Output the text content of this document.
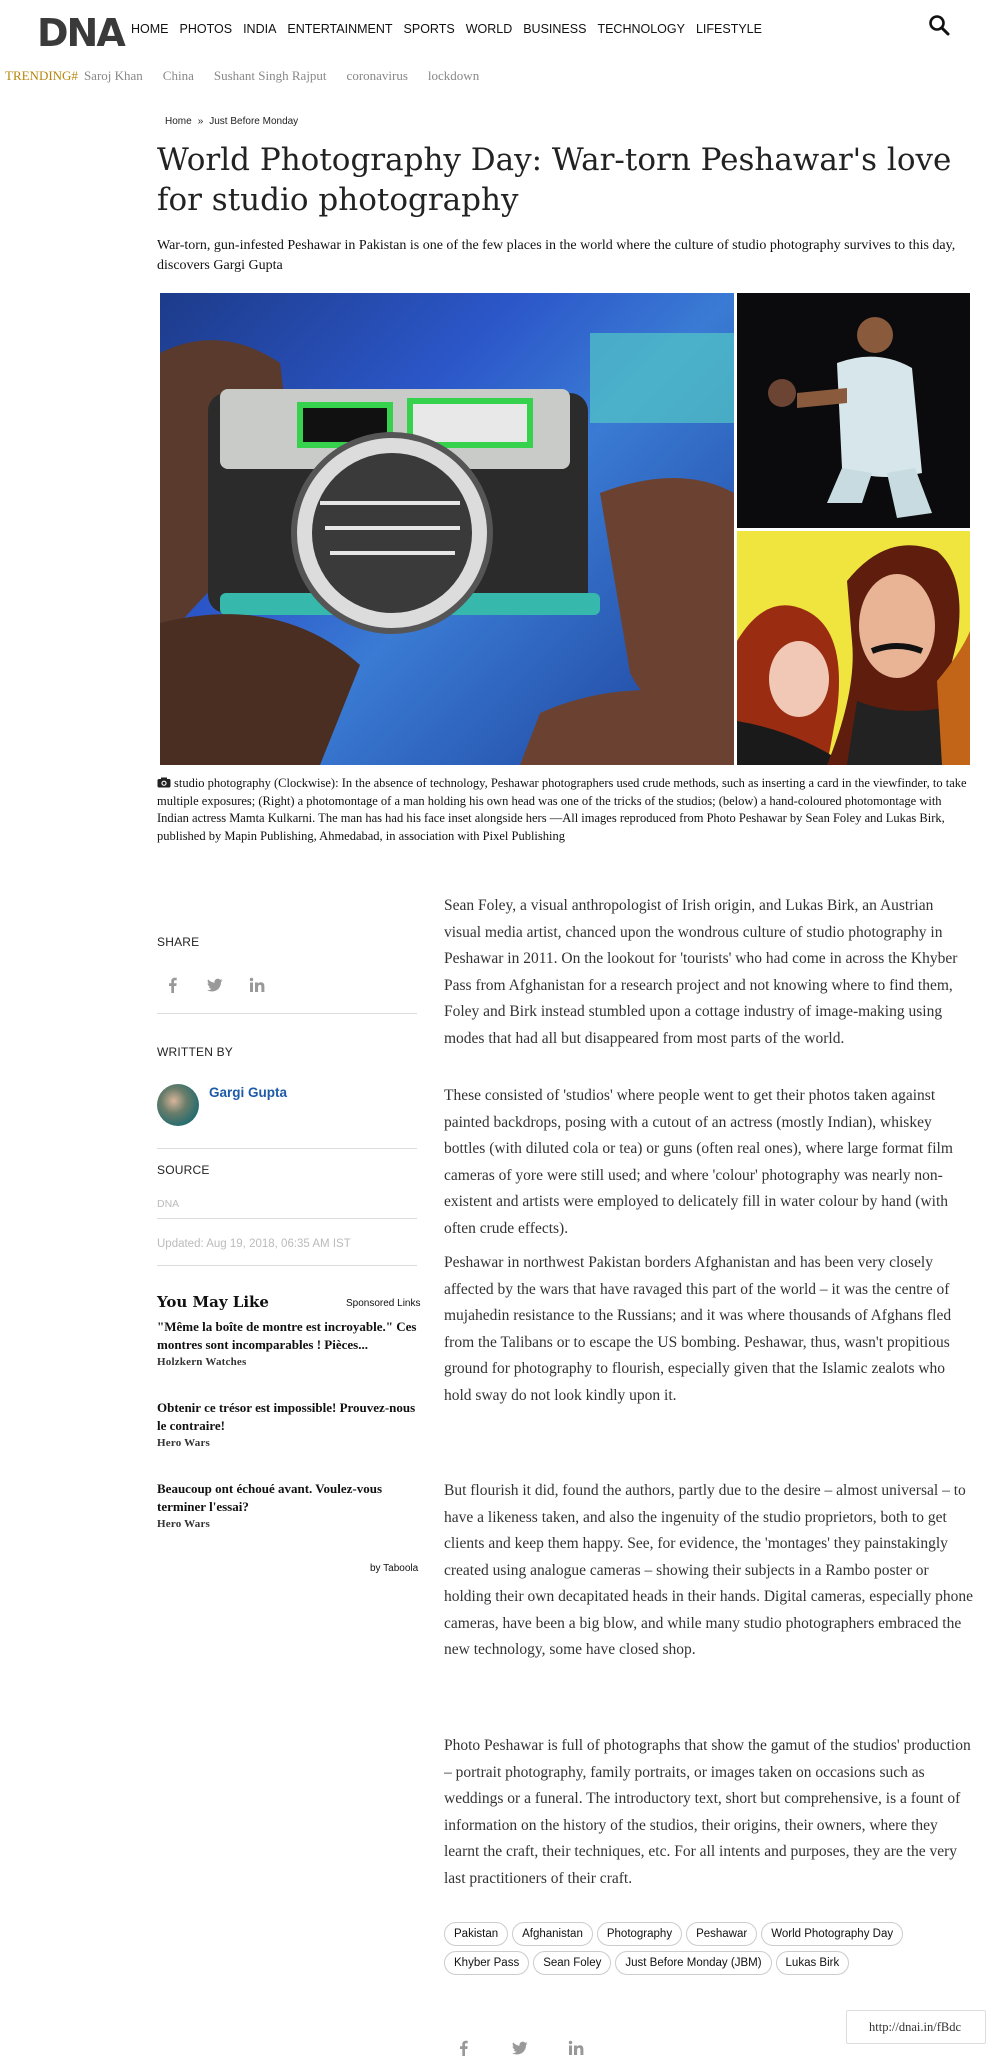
DNA HOME PHOTOS INDIA ENTERTAINMENT SPORTS WORLD BUSINESS TECHNOLOGY LIFESTYLE
TRENDING# Saroj Khan China Sushant Singh Rajput coronavirus lockdown
Home » Just Before Monday
World Photography Day: War-torn Peshawar's love for studio photography

War-torn, gun-infested Peshawar in Pakistan is one of the few places in the world where the culture of studio photography survives to this day, discovers Gargi Gupta

studio photography (Clockwise): In the absence of technology, Peshawar photographers used crude methods, such as inserting a card in the viewfinder, to take multiple exposures; (Right) a photomontage of a man holding his own head was one of the tricks of the studios; (below) a hand-coloured photomontage with Indian actress Mamta Kulkarni. The man has had his face inset alongside hers —All images reproduced from Photo Peshawar by Sean Foley and Lukas Birk, published by Mapin Publishing, Ahmedabad, in association with Pixel Publishing
SHARE
WRITTEN BY
Gargi Gupta
SOURCE
DNA
Updated: Aug 19, 2018, 06:35 AM IST
You May Like	Sponsored Links
"Même la boîte de montre est incroyable." Ces montres sont incomparables ! Pièces...
Holzkern Watches
Obtenir ce trésor est impossible! Prouvez-nous le contraire!
Hero Wars
Beaucoup ont échoué avant. Voulez-vous terminer l'essai?
Hero Wars
by Taboola

Sean Foley, a visual anthropologist of Irish origin, and Lukas Birk, an Austrian visual media artist, chanced upon the wondrous culture of studio photography in Peshawar in 2011. On the lookout for 'tourists' who had come in across the Khyber Pass from Afghanistan for a research project and not knowing where to find them, Foley and Birk instead stumbled upon a cottage industry of image-making using modes that had all but disappeared from most parts of the world.

These consisted of 'studios' where people went to get their photos taken against painted backdrops, posing with a cutout of an actress (mostly Indian), whiskey bottles (with diluted cola or tea) or guns (often real ones), where large format film cameras of yore were still used; and where 'colour' photography was nearly non-existent and artists were employed to delicately fill in water colour by hand (with often crude effects).

Peshawar in northwest Pakistan borders Afghanistan and has been very closely affected by the wars that have ravaged this part of the world – it was the centre of mujahedin resistance to the Russians; and it was where thousands of Afghans fled from the Talibans or to escape the US bombing. Peshawar, thus, wasn't propitious ground for photography to flourish, especially given that the Islamic zealots who hold sway do not look kindly upon it.

But flourish it did, found the authors, partly due to the desire – almost universal – to have a likeness taken, and also the ingenuity of the studio proprietors, both to get clients and keep them happy. See, for evidence, the 'montages' they painstakingly created using analogue cameras – showing their subjects in a Rambo poster or holding their own decapitated heads in their hands. Digital cameras, especially phone cameras, have been a big blow, and while many studio photographers embraced the new technology, some have closed shop.

Photo Peshawar is full of photographs that show the gamut of the studios' production – portrait photography, family portraits, or images taken on occasions such as weddings or a funeral. The introductory text, short but comprehensive, is a fount of information on the history of the studios, their origins, their owners, where they learnt the craft, their techniques, etc. For all intents and purposes, they are the very last practitioners of their craft.

Pakistan	Afghanistan	Photography	Peshawar	World Photography Day
Khyber Pass	Sean Foley	Just Before Monday (JBM)	Lukas Birk
http://dnai.in/fBdc
